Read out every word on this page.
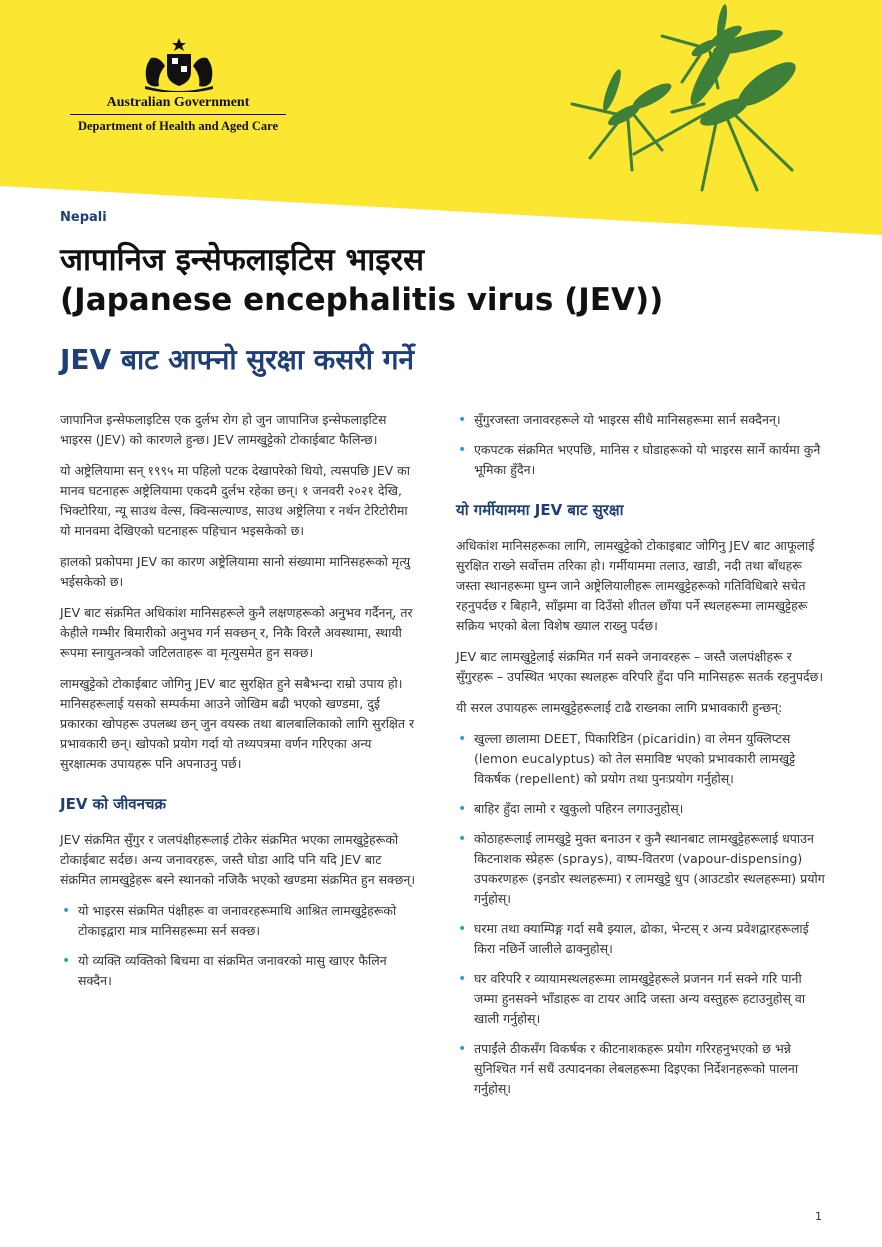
Australian Government
Department of Health and Aged Care
Nepali
जापानिज इन्सेफलाइटिस भाइरस
(Japanese encephalitis virus (JEV))
JEV बाट आफ्नो सुरक्षा कसरी गर्ने

जापानिज इन्सेफलाइटिस एक दुर्लभ रोग हो जुन जापानिज इन्सेफलाइटिस भाइरस (JEV) को कारणले हुन्छ। JEV लामखुट्टेको टोकाईबाट फैलिन्छ।

यो अष्ट्रेलियामा सन् १९९५ मा पहिलो पटक देखापरेको थियो, त्यसपछि JEV का मानव घटनाहरू अष्ट्रेलियामा एकदमै दुर्लभ रहेका छन्। १ जनवरी २०२१ देखि, भिक्टोरिया, न्यू साउथ वेल्स, क्विन्सल्याण्ड, साउथ अष्ट्रेलिया र नर्थन टेरिटोरीमा यो मानवमा देखिएको घटनाहरू पहिचान भइसकेको छ।

हालको प्रकोपमा JEV का कारण अष्ट्रेलियामा सानो संख्यामा मानिसहरूको मृत्यु भईसकेको छ।

JEV बाट संक्रमित अधिकांश मानिसहरूले कुनै लक्षणहरूको अनुभव गर्दैनन्, तर केहीले गम्भीर बिमारीको अनुभव गर्न सक्छन् र, निकै विरलै अवस्थामा, स्थायी रूपमा स्नायुतन्त्रको जटिलताहरू वा मृत्युसमेत हुन सक्छ।

लामखुट्टेको टोकाईबाट जोगिनु JEV बाट सुरक्षित हुने सबैभन्दा राम्रो उपाय हो। मानिसहरूलाई यसको सम्पर्कमा आउने जोखिम बढी भएको खण्डमा, दुई प्रकारका खोपहरू उपलब्ध छन् जुन वयस्क तथा बालबालिकाको लागि सुरक्षित र प्रभावकारी छन्। खोपको प्रयोग गर्दा यो तथ्यपत्रमा वर्णन गरिएका अन्य सुरक्षात्मक उपायहरू पनि अपनाउनु पर्छ।

JEV को जीवनचक्र

JEV संक्रमित सुँगुर र जलपंक्षीहरूलाई टोकेर संक्रमित भएका लामखुट्टेहरूको टोकाईबाट सर्दछ। अन्य जनावरहरू, जस्तै घोडा आदि पनि यदि JEV बाट संक्रमित लामखुट्टेहरू बस्ने स्थानको नजिकै भएको खण्डमा संक्रमित हुन सक्छन्।

• यो भाइरस संक्रमित पंक्षीहरू वा जनावरहरूमाथि आश्रित लामखुट्टेहरूको टोकाइद्वारा मात्र मानिसहरूमा सर्न सक्छ।
• यो व्यक्ति व्यक्तिको बिचमा वा संक्रमित जनावरको मासु खाएर फैलिन सक्दैन।
• सुँगुरजस्ता जनावरहरूले यो भाइरस सीधै मानिसहरूमा सार्न सक्दैनन्।
• एकपटक संक्रमित भएपछि, मानिस र घोडाहरूको यो भाइरस सार्ने कार्यमा कुनै भूमिका हुँदैन।
यो गर्मीयाममा JEV बाट सुरक्षा

अधिकांश मानिसहरूका लागि, लामखुट्टेको टोकाइबाट जोगिनु JEV बाट आफूलाई सुरक्षित राख्ने सर्वोत्तम तरिका हो। गर्मीयाममा तलाउ, खाडी, नदी तथा बाँधहरू जस्ता स्थानहरूमा घुम्न जाने अष्ट्रेलियालीहरू लामखुट्टेहरूको गतिविधिबारे सचेत रहनुपर्दछ र बिहानै, साँझमा वा दिउँसो शीतल छाँया पर्ने स्थलहरूमा लामखुट्टेहरू सक्रिय भएको बेला विशेष ख्याल राख्नु पर्दछ।

JEV बाट लामखुट्टेलाई संक्रमित गर्न सक्ने जनावरहरू – जस्तै जलपंक्षीहरू र सुँगुरहरू – उपस्थित भएका स्थलहरू वरिपरि हुँदा पनि मानिसहरू सतर्क रहनुपर्दछ।

यी सरल उपायहरू लामखुट्टेहरूलाई टाढै राख्नका लागि प्रभावकारी हुन्छन्:

• खुल्ला छालामा DEET, पिकारिडिन (picaridin) वा लेमन युक्लिप्टस (lemon eucalyptus) को तेल समाविष्ट भएको प्रभावकारी लामखुट्टे विकर्षक (repellent) को प्रयोग तथा पुनःप्रयोग गर्नुहोस्।
• बाहिर हुँदा लामो र खुकुलो पहिरन लगाउनुहोस्।
• कोठाहरूलाई लामखुट्टे मुक्त बनाउन र कुनै स्थानबाट लामखुट्टेहरूलाई धपाउन किटनाशक स्प्रेहरू (sprays), वाष्प-वितरण (vapour-dispensing) उपकरणहरू (इनडोर स्थलहरूमा) र लामखुट्टे धुप (आउटडोर स्थलहरूमा) प्रयोग गर्नुहोस्।
• घरमा तथा क्याम्पिङ्ग गर्दा सबै झ्याल, ढोका, भेन्टस् र अन्य प्रवेशद्वारहरूलाई किरा नछिर्ने जालीले ढाक्नुहोस्।
• घर वरिपरि र व्यायामस्थलहरूमा लामखुट्टेहरूले प्रजनन गर्न सक्ने गरि पानी जम्मा हुनसक्ने भाँडाहरू वा टायर आदि जस्ता अन्य वस्तुहरू हटाउनुहोस् वा खाली गर्नुहोस्।
• तपाईंले ठीकसँग विकर्षक र कीटनाशकहरू प्रयोग गरिरहनुभएको छ भन्ने सुनिश्चित गर्न सधैं उत्पादनका लेबलहरूमा दिइएका निर्देशनहरूको पालना गर्नुहोस्।
1
